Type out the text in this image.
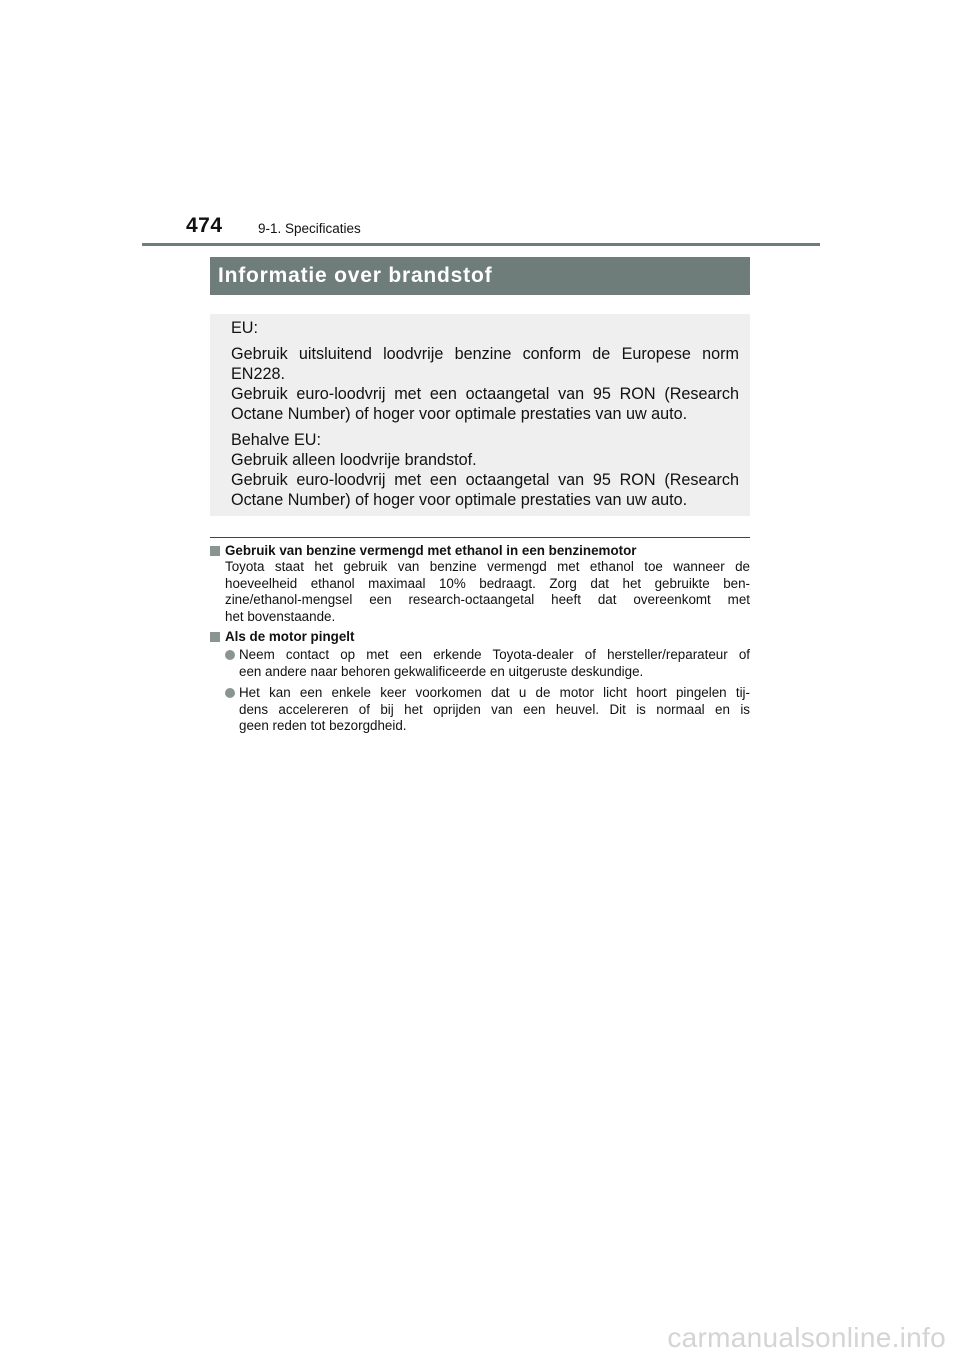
474	9-1. Specificaties
Informatie over brandstof

EU:

Gebruik uitsluitend loodvrije benzine conform de Europese norm
EN228.
Gebruik euro-loodvrij met een octaangetal van 95 RON (Research
Octane Number) of hoger voor optimale prestaties van uw auto.

Behalve EU:

Gebruik alleen loodvrije brandstof.
Gebruik euro-loodvrij met een octaangetal van 95 RON (Research
Octane Number) of hoger voor optimale prestaties van uw auto.

Gebruik van benzine vermengd met ethanol in een benzinemotor
Toyota staat het gebruik van benzine vermengd met ethanol toe wanneer de
hoeveelheid ethanol maximaal 10% bedraagt. Zorg dat het gebruikte ben-
zine/ethanol-mengsel een research-octaangetal heeft dat overeenkomt met
het bovenstaande.
Als de motor pingelt
Neem contact op met een erkende Toyota-dealer of hersteller/reparateur of
een andere naar behoren gekwalificeerde en uitgeruste deskundige.
Het kan een enkele keer voorkomen dat u de motor licht hoort pingelen tij-
dens accelereren of bij het oprijden van een heuvel. Dit is normaal en is
geen reden tot bezorgdheid.
carmanualsonline.info
